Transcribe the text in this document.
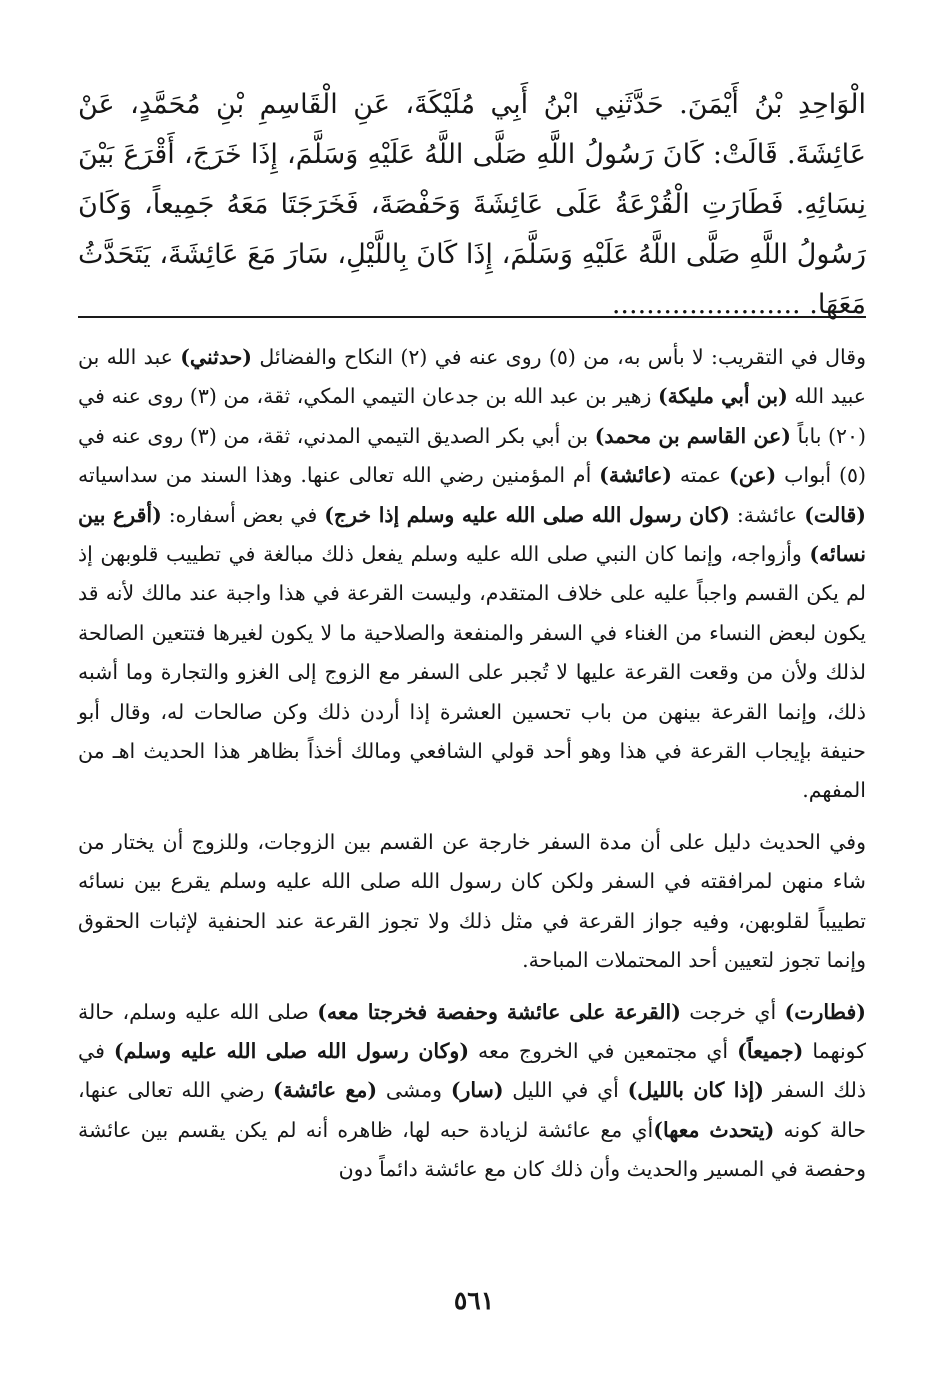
الْوَاحِدِ بْنُ أَيْمَنَ. حَدَّثَنِي ابْنُ أَبِي مُلَيْكَةَ، عَنِ الْقَاسِمِ بْنِ مُحَمَّدٍ، عَنْ عَائِشَةَ. قَالَتْ: كَانَ رَسُولُ اللَّهِ صَلَّى اللَّهُ عَلَيْهِ وَسَلَّمَ، إِذَا خَرَجَ، أَقْرَعَ بَيْنَ نِسَائِهِ. فَطَارَتِ الْقُرْعَةُ عَلَى عَائِشَةَ وَحَفْصَةَ، فَخَرَجَتَا مَعَهُ جَمِيعاً، وَكَانَ رَسُولُ اللَّهِ صَلَّى اللَّهُ عَلَيْهِ وَسَلَّمَ، إِذَا كَانَ بِاللَّيْلِ، سَارَ مَعَ عَائِشَةَ، يَتَحَدَّثُ مَعَهَا. ......................

وقال في التقريب: لا بأس به، من (٥) روى عنه في (٢) النكاح والفضائل (حدثني) عبد الله بن عبيد الله (بن أبي مليكة) زهير بن عبد الله بن جدعان التيمي المكي، ثقة، من (٣) روى عنه في (٢٠) باباً (عن القاسم بن محمد) بن أبي بكر الصديق التيمي المدني، ثقة، من (٣) روى عنه في (٥) أبواب (عن) عمته (عائشة) أم المؤمنين رضي الله تعالى عنها. وهذا السند من سداسياته (قالت) عائشة: (كان رسول الله صلى الله عليه وسلم إذا خرج) في بعض أسفاره: (أقرع بين نسائه) وأزواجه، وإنما كان النبي صلى الله عليه وسلم يفعل ذلك مبالغة في تطييب قلوبهن إذ لم يكن القسم واجباً عليه على خلاف المتقدم، وليست القرعة في هذا واجبة عند مالك لأنه قد يكون لبعض النساء من الغناء في السفر والمنفعة والصلاحية ما لا يكون لغيرها فتتعين الصالحة لذلك ولأن من وقعت القرعة عليها لا تُجبر على السفر مع الزوج إلى الغزو والتجارة وما أشبه ذلك، وإنما القرعة بينهن من باب تحسين العشرة إذا أردن ذلك وكن صالحات له، وقال أبو حنيفة بإيجاب القرعة في هذا وهو أحد قولي الشافعي ومالك أخذاً بظاهر هذا الحديث اهـ من المفهم.

وفي الحديث دليل على أن مدة السفر خارجة عن القسم بين الزوجات، وللزوج أن يختار من شاء منهن لمرافقته في السفر ولكن كان رسول الله صلى الله عليه وسلم يقرع بين نسائه تطييباً لقلوبهن، وفيه جواز القرعة في مثل ذلك ولا تجوز القرعة عند الحنفية لإثبات الحقوق وإنما تجوز لتعيين أحد المحتملات المباحة.

(فطارت) أي خرجت (القرعة على عائشة وحفصة فخرجتا معه) صلى الله عليه وسلم، حالة كونهما (جميعاً) أي مجتمعين في الخروج معه (وكان رسول الله صلى الله عليه وسلم) في ذلك السفر (إذا كان بالليل) أي في الليل (سار) ومشى (مع عائشة) رضي الله تعالى عنها، حالة كونه (يتحدث معها)أي مع عائشة لزيادة حبه لها، ظاهره أنه لم يكن يقسم بين عائشة وحفصة في المسير والحديث وأن ذلك كان مع عائشة دائماً دون

٥٦١
